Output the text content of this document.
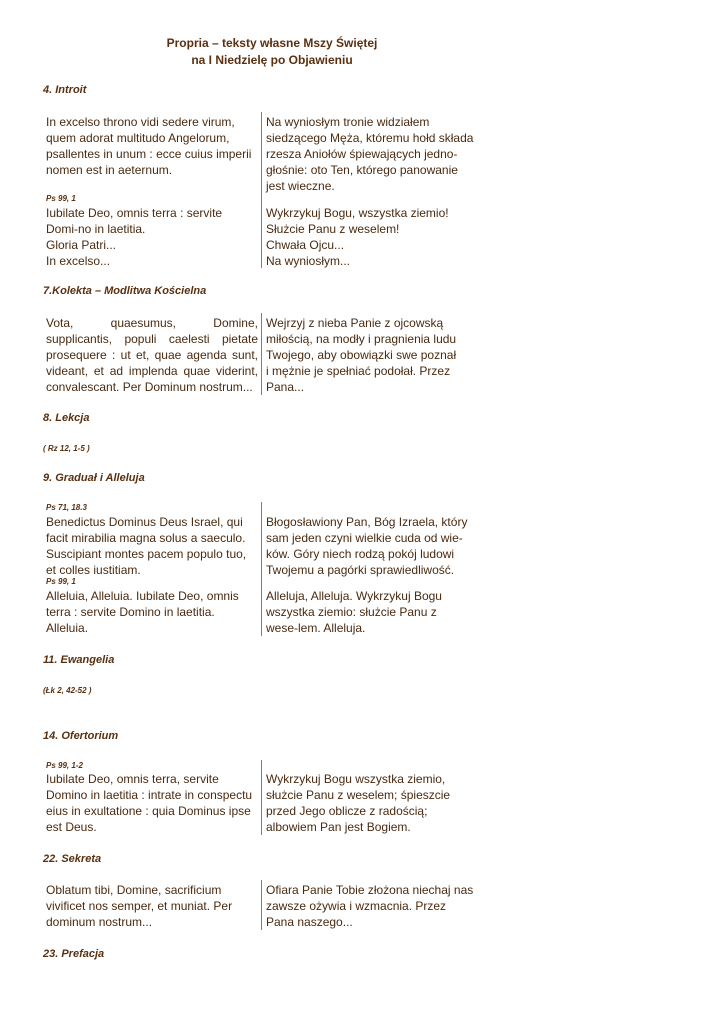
Propria – teksty własne Mszy Świętej
na I Niedzielę po Objawieniu
4. Introit

In excelso throno vidi sedere virum,

quem adorat multitudo Angelorum,

psallentes in unum : ecce cuius imperii

nomen est in aeternum.

Na wyniosłym tronie widziałem

siedzącego Męża, któremu hołd składa

rzesza Aniołów śpiewających jedno-

głośnie: oto Ten, którego panowanie

jest wieczne.

Ps 99, 1

Iubilate Deo, omnis terra : servite

Domi-no in laetitia.

Gloria Patri...

In excelso...

Wykrzykuj Bogu, wszystka ziemio!

Służcie Panu z weselem!

Chwała Ojcu...

Na wyniosłym...

7.Kolekta – Modlitwa Kościelna
Vota, quaesumus, Domine, supplicantis, populi caelesti pietate prosequere : ut et, quae agenda sunt, videant, et ad implenda quae viderint, convalescant. Per Dominum nostrum...

Wejrzyj z nieba Panie z ojcowską

miłością, na modły i pragnienia ludu

Twojego, aby obowiązki swe poznał

i mężnie je spełniać podołał. Przez

Pana...

8. Lekcja
( Rz 12, 1-5 )
9. Graduał i Alleluja
Ps 71, 18.3

Benedictus Dominus Deus Israel, qui

facit mirabilia magna solus a saeculo.

Suscipiant montes pacem populo tuo,

et colles iustitiam.

Błogosławiony Pan, Bóg Izraela, który

sam jeden czyni wielkie cuda od wie-

ków. Góry niech rodzą pokój ludowi

Twojemu a pagórki sprawiedliwość.

Ps 99, 1

Alleluia, Alleluia. Iubilate Deo, omnis

terra : servite Domino in laetitia.

Alleluia.

Alleluja, Alleluja. Wykrzykuj Bogu

wszystka ziemio: służcie Panu z

wese-lem. Alleluja.

11. Ewangelia
(Łk 2, 42-52 )
14. Ofertorium
Ps 99, 1-2

Iubilate Deo, omnis terra, servite

Domino in laetitia : intrate in conspectu

eius in exultatione : quia Dominus ipse

est Deus.

Wykrzykuj Bogu wszystka ziemio,

służcie Panu z weselem; śpieszcie

przed Jego oblicze z radością;

albowiem Pan jest Bogiem.

22. Sekreta

Oblatum tibi, Domine, sacrificium

vivificet nos semper, et muniat. Per

dominum nostrum...

Ofiara Panie Tobie złożona niechaj nas

zawsze ożywia i wzmacnia. Przez

Pana naszego...

23. Prefacja
